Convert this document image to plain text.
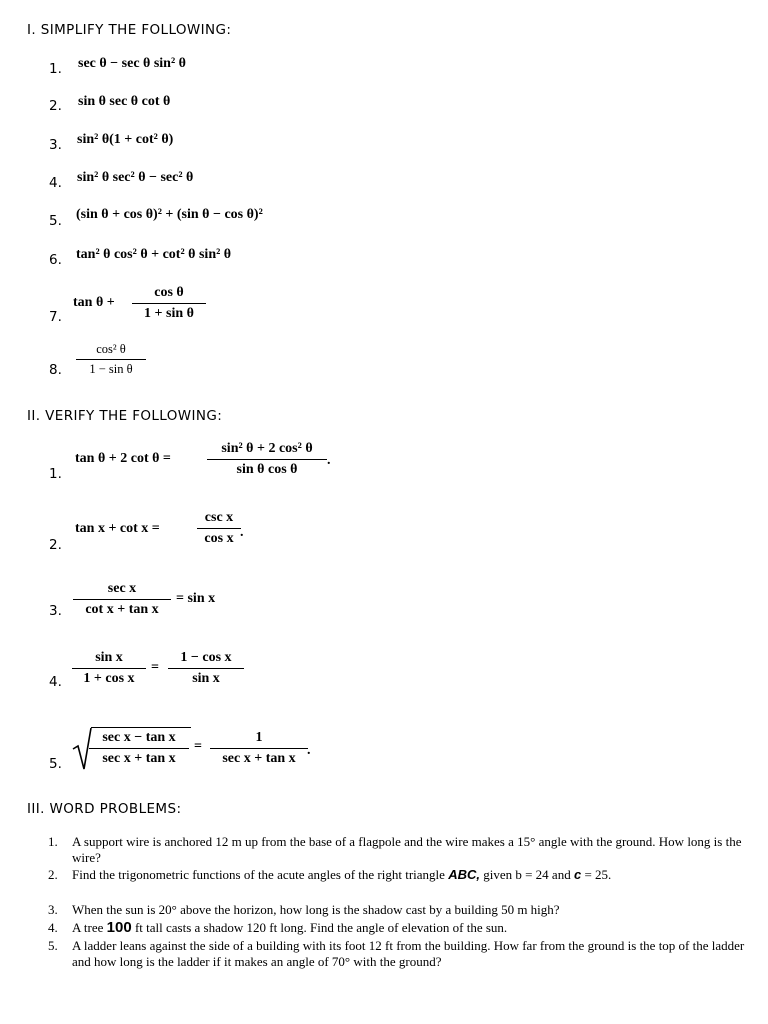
I. SIMPLIFY THE FOLLOWING:
1. sec θ − sec θ sin² θ
2. sin θ sec θ cot θ
3. sin² θ(1 + cot² θ)
4. sin² θ sec² θ − sec² θ
5. (sin θ + cos θ)² + (sin θ − cos θ)²
6. tan² θ cos² θ + cot² θ sin² θ
7.
$\tan \theta + \frac{\text{cos θ}}{\text{1 + sin θ}}$
8. $\frac{\text{cos² θ}}{\text{1 − sin θ}}$
II. VERIFY THE FOLLOWING:
1.
tan θ + 2 cot θ =	$\frac{\text{sin² θ + 2 cos² θ}}{\text{sin θ cos θ}}$ .
2.
tan x + cot x =
csc x
cos x .
3.
sec x
cot x + tan x
= sin x
4. $\frac{\text{sin x}}{\text{1 + cos x}} = \frac{\text{1 − cos x}}{\text{sin x}}$
5.
sec x − tan x
sec x + tan x
=
1
sec x + tan x
.
III. WORD PROBLEMS:
1. A support wire is anchored 12 m up from the base of a flagpole and the wire makes a 15° angle with the ground. How long is the wire?
2. Find the trigonometric functions of the acute angles of the right triangle ABC, given b = 24 and c = 25.
3. When the sun is 20° above the horizon, how long is the shadow cast by a building 50 m high?
4. A tree 100 ft tall casts a shadow 120 ft long. Find the angle of elevation of the sun.
5. A ladder leans against the side of a building with its foot 12 ft from the building. How far from the ground is the top of the ladder and how long is the ladder if it makes an angle of 70° with the ground?
